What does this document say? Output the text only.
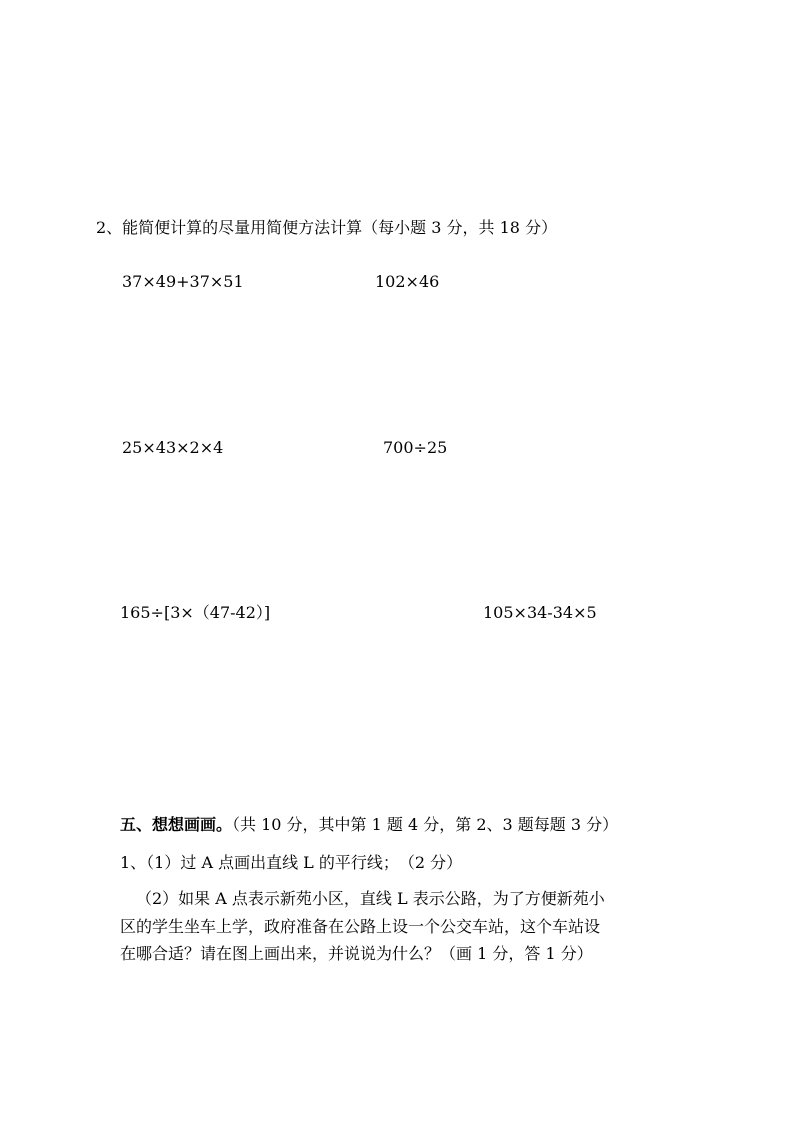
2、能简便计算的尽量用简便方法计算（每小题 3 分，共 18 分）
37×49+37×51	102×46
25×43×2×4	700÷25
165÷[3×（47-42）]	105×34-34×5
五、想想画画。（共 10 分，其中第 1 题 4 分，第 2、3 题每题 3 分）
1、（1）过 A 点画出直线 L 的平行线；　（2 分）
（2）如果 A 点表示新苑小区，直线 L 表示公路，为了方便新苑小
区的学生坐车上学，政府准备在公路上设一个公交车站，这个车站设
在哪合适？请在图上画出来，并说说为什么？（画 1 分，答 1 分）
